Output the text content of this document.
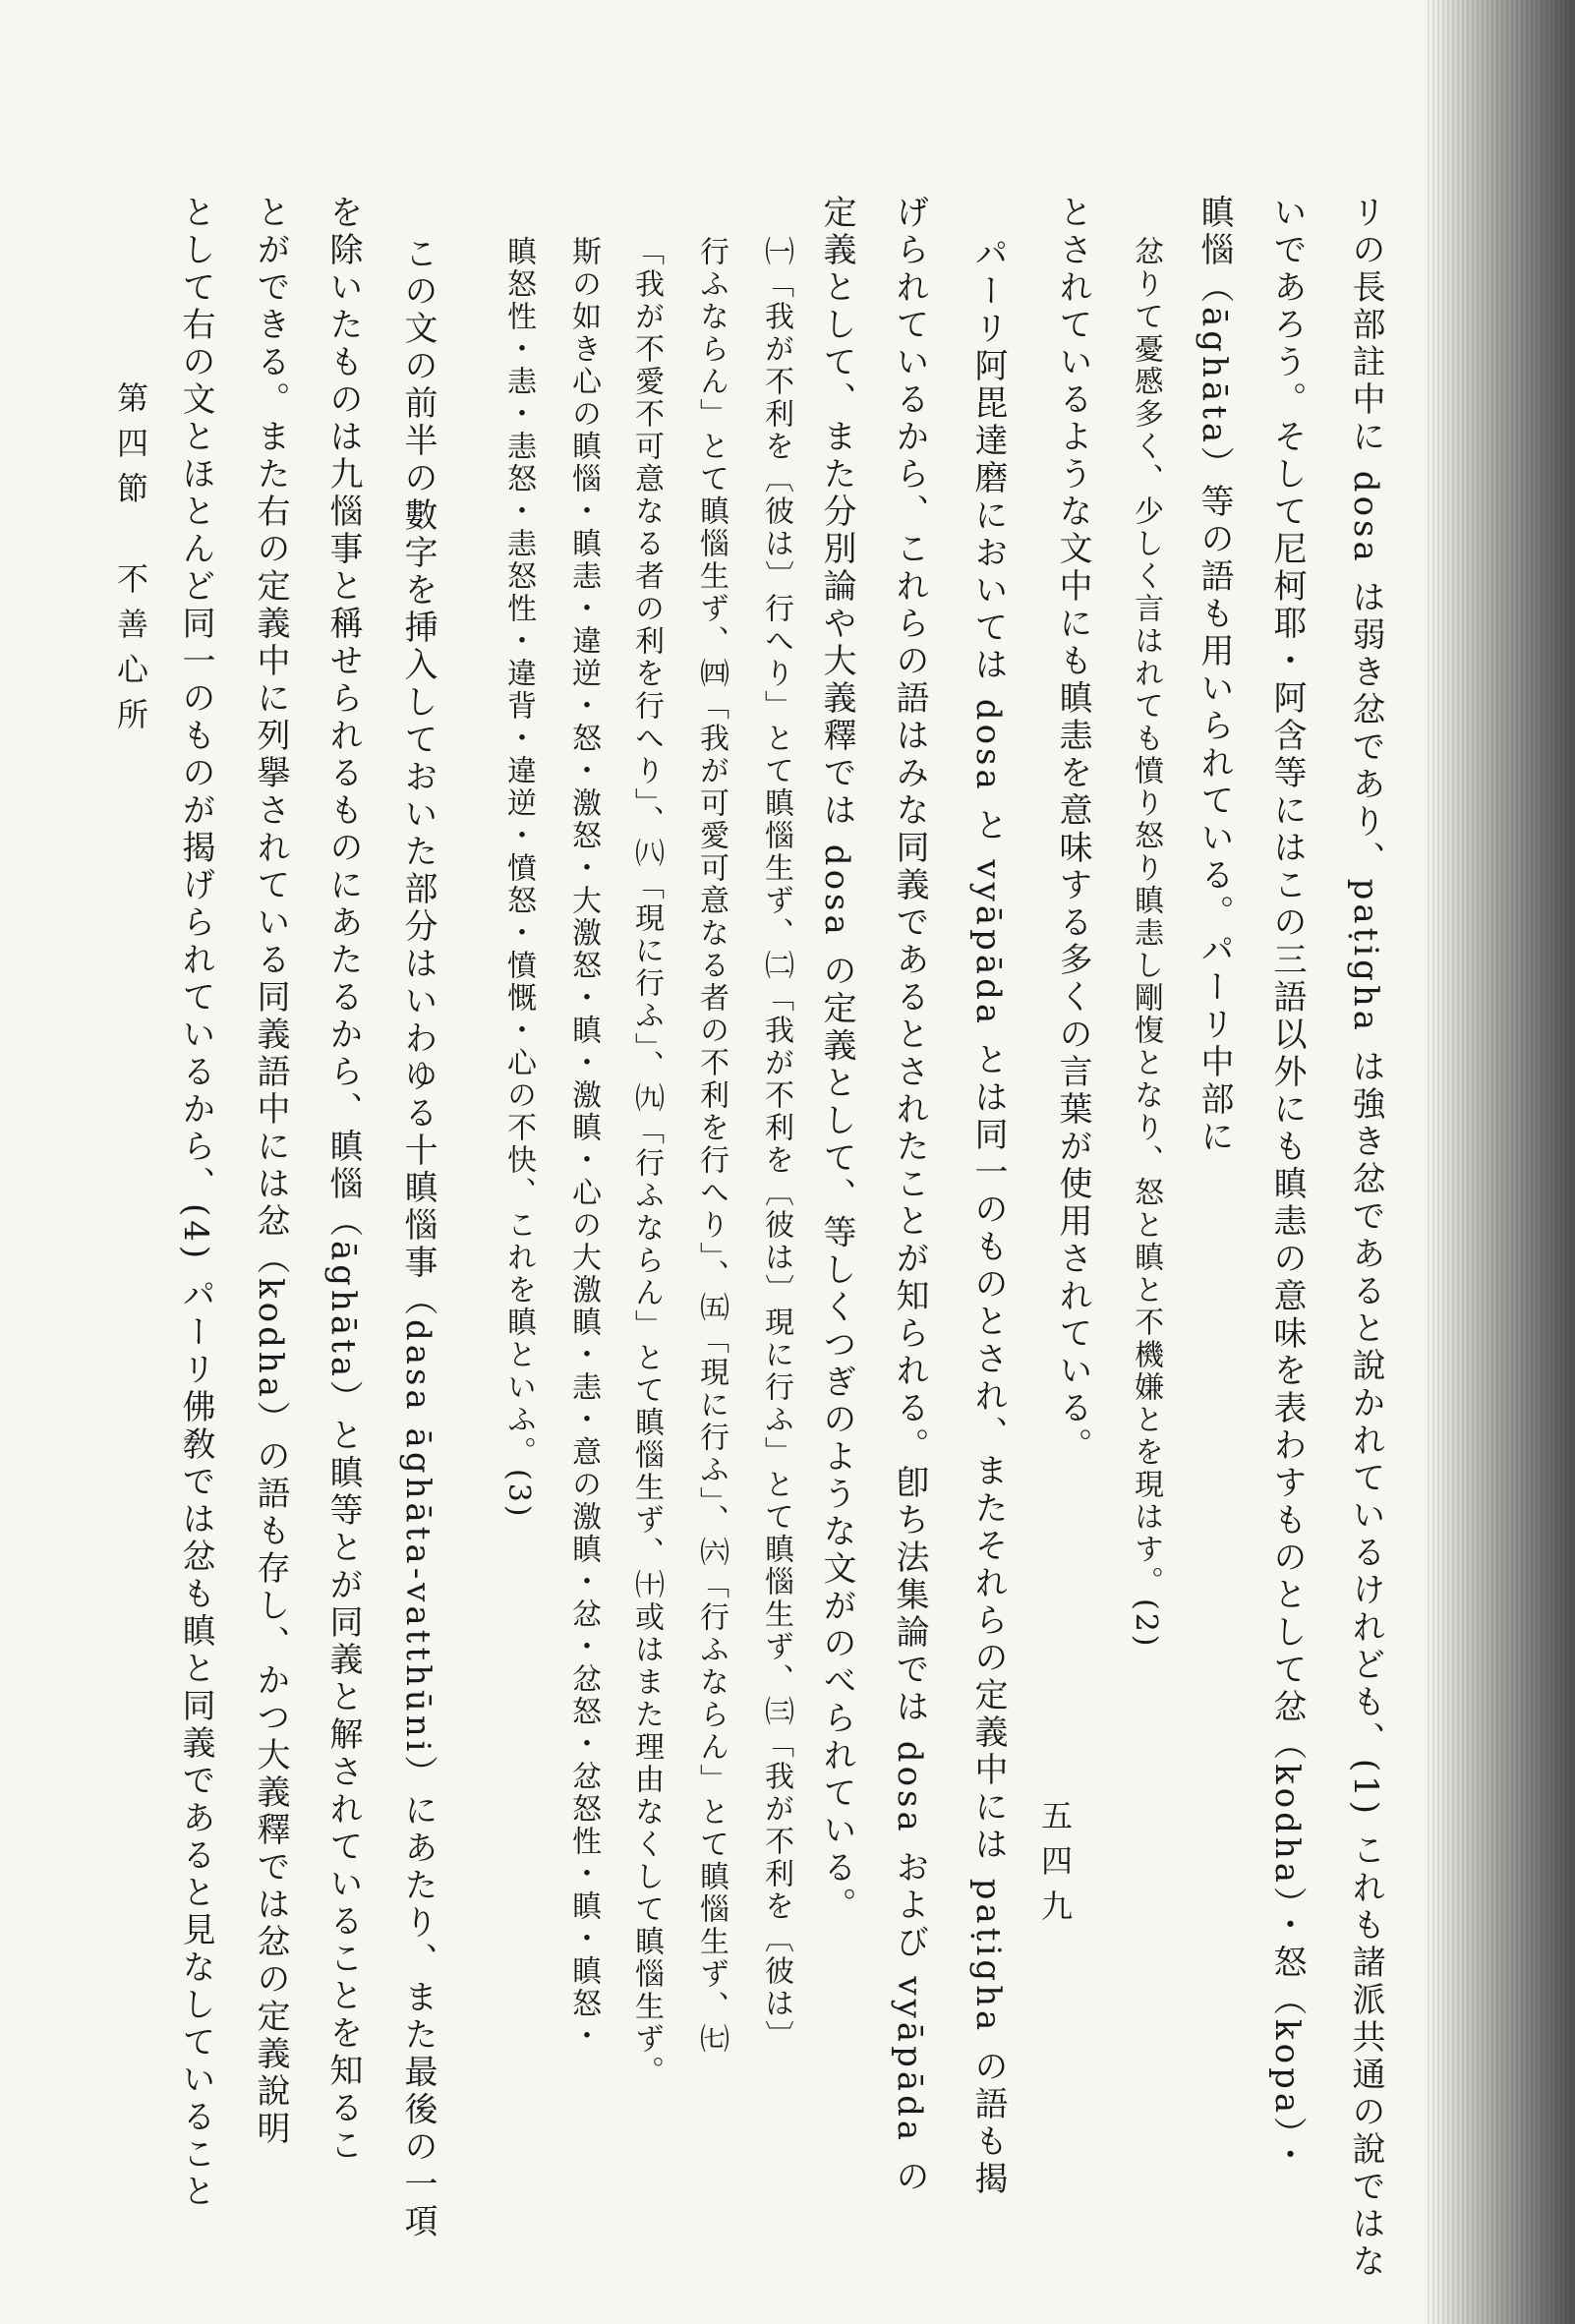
リの長部註中に dosa は弱き忿であり、paṭigha は強き忿であると說かれているけれども、(1) これも諸派共通の說ではな
いであろう。そして尼柯耶・阿含等にはこの三語以外にも瞋恚の意味を表わすものとして忿（kodha）・怒（kopa）・
瞋惱（āghāta）等の語も用いられている。パーリ中部に
忿りて憂慼多く、少しく言はれても憤り怒り瞋恚し剛愎となり、怒と瞋と不機嫌とを現はす。(2)
とされているような文中にも瞋恚を意味する多くの言葉が使用されている。
パーリ阿毘達磨においては dosa と vyāpāda とは同一のものとされ、またそれらの定義中には paṭigha の語も揭
げられているから、これらの語はみな同義であるとされたことが知られる。卽ち法集論では dosa および vyāpāda の
定義として、また分別論や大義釋では dosa の定義として、等しくつぎのような文がのべられている。
㈠「我が不利を〔彼は〕行へり」とて瞋惱生ず、㈡「我が不利を〔彼は〕現に行ふ」とて瞋惱生ず、㈢「我が不利を〔彼は〕
行ふならん」とて瞋惱生ず、㈣「我が可愛可意なる者の不利を行へり」、㈤「現に行ふ」、㈥「行ふならん」とて瞋惱生ず、㈦
「我が不愛不可意なる者の利を行へり」、㈧「現に行ふ」、㈨「行ふならん」とて瞋惱生ず、㈩或はまた理由なくして瞋惱生ず。
斯の如き心の瞋惱・瞋恚・違逆・怒・激怒・大激怒・瞋・激瞋・心の大激瞋・恚・意の激瞋・忿・忿怒・忿怒性・瞋・瞋怒・
瞋怒性・恚・恚怒・恚怒性・違背・違逆・憤怒・憤慨・心の不快、これを瞋といふ。(3)
この文の前半の數字を挿入しておいた部分はいわゆる十瞋惱事（dasa āghāta-vatthūni）にあたり、また最後の一項
を除いたものは九惱事と稱せられるものにあたるから、瞋惱（āghāta）と瞋等とが同義と解されていることを知るこ
とができる。また右の定義中に列擧されている同義語中には忿（kodha）の語も存し、かつ大義釋では忿の定義說明
として右の文とほとんど同一のものが揭げられているから、(4) パーリ佛敎では忿も瞋と同義であると見なしていること
第四節　不善心所
五四九
